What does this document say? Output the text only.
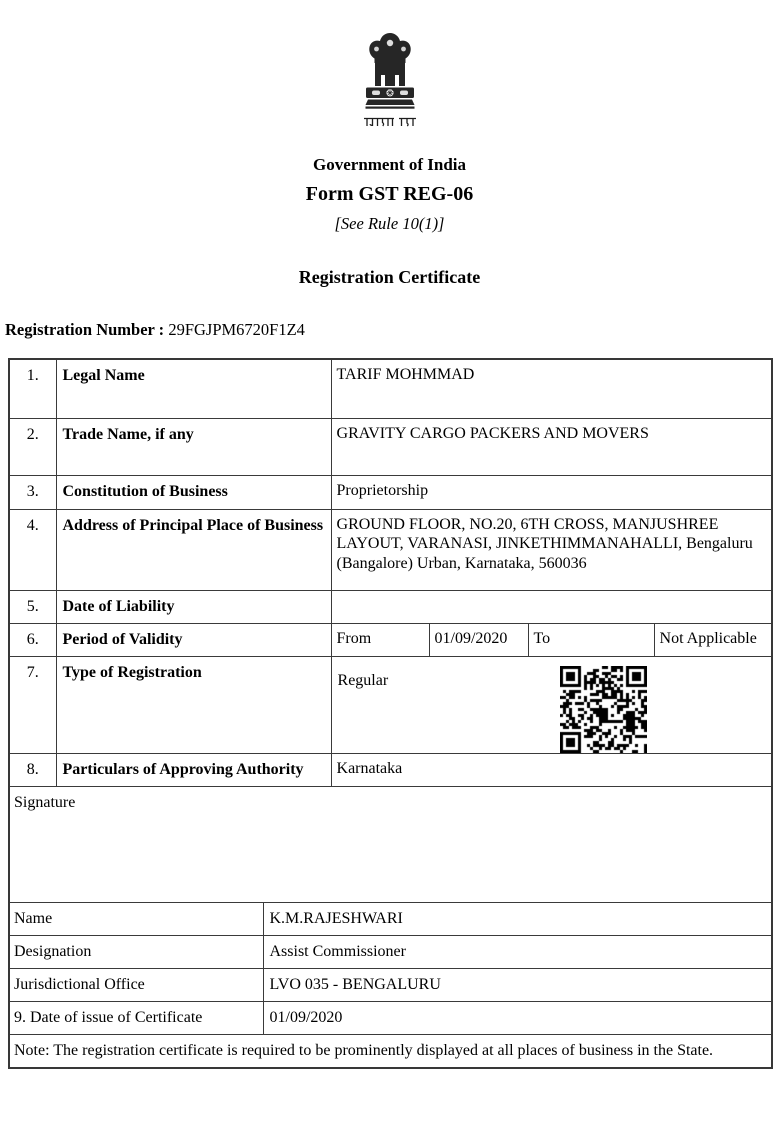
Government of India
Form GST REG-06
[See Rule 10(1)]
Registration Certificate
Registration Number : 29FGJPM6720F1Z4
1.	Legal Name		TARIF MOHMMAD			
2.	Trade Name, if any		GRAVITY CARGO PACKERS AND MOVERS			
3.	Constitution of Business		Proprietorship			
4.	Address of Principal Place of Business		GROUND FLOOR, NO.20, 6TH CROSS, MANJUSHREE LAYOUT, VARANASI, JINKETHIMMANAHALLI, Bengaluru (Bangalore) Urban, Karnataka, 560036			
5.	Date of Liability					
6.	Period of Validity		From	01/09/2020	To	Not Applicable
7.	Type of Registration		Regular			

8.	Particulars of Approving Authority		Karnataka			
Signature						
Name		K.M.RAJESHWARI				
Designation		Assist Commissioner				
Jurisdictional Office		LVO 035 - BENGALURU				
9. Date of issue of Certificate		01/09/2020				
Note: The registration certificate is required to be prominently displayed at all places of business in the State.						
